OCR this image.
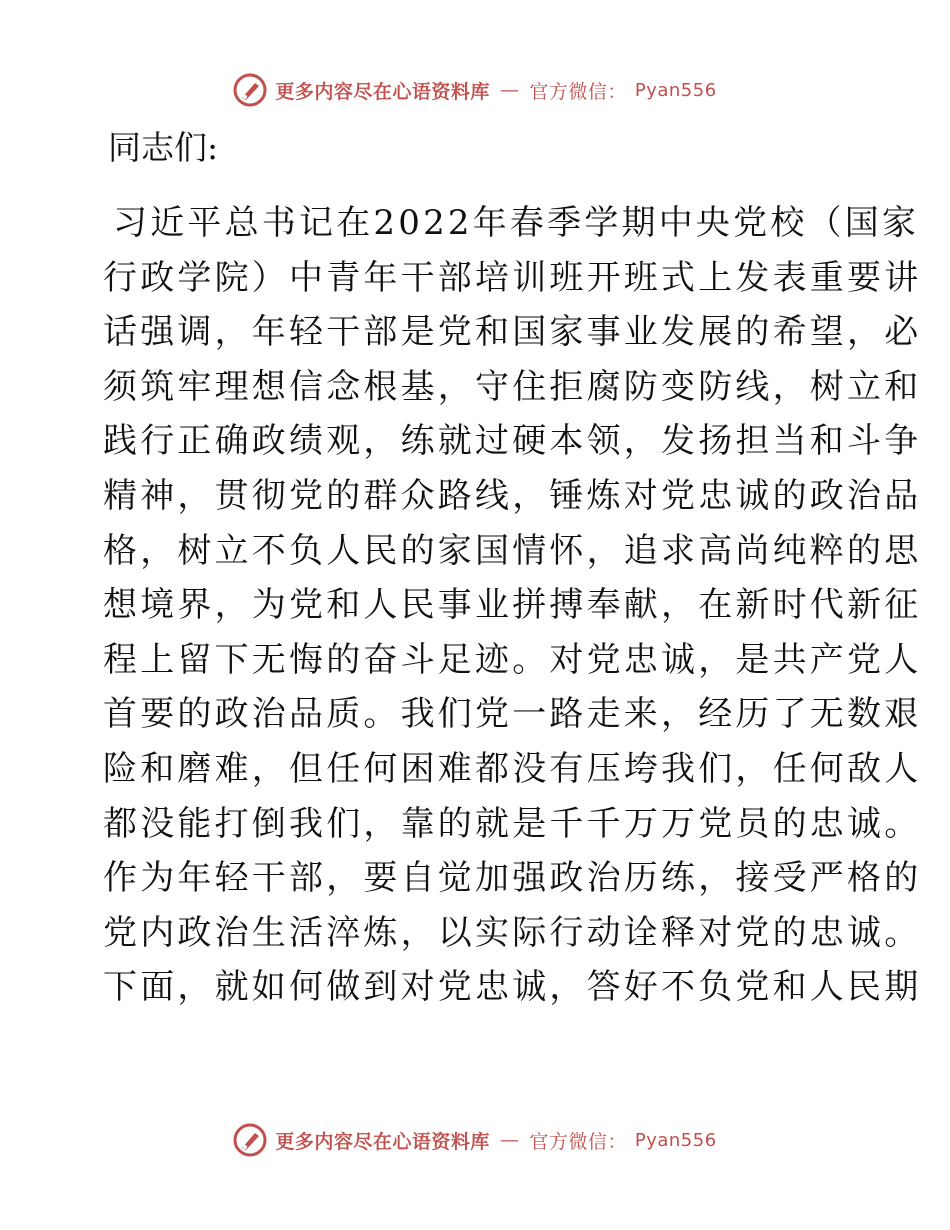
更多内容尽在心语资料库 — 官方微信： Pyan556
同志们:
习近平总书记在2022年春季学期中央党校（国家
行政学院）中青年干部培训班开班式上发表重要讲
话强调，年轻干部是党和国家事业发展的希望，必
须筑牢理想信念根基，守住拒腐防变防线，树立和
践行正确政绩观，练就过硬本领，发扬担当和斗争
精神，贯彻党的群众路线，锤炼对党忠诚的政治品
格，树立不负人民的家国情怀，追求高尚纯粹的思
想境界，为党和人民事业拼搏奉献，在新时代新征
程上留下无悔的奋斗足迹。对党忠诚，是共产党人
首要的政治品质。我们党一路走来，经历了无数艰
险和磨难，但任何困难都没有压垮我们，任何敌人
都没能打倒我们，靠的就是千千万万党员的忠诚。
作为年轻干部，要自觉加强政治历练，接受严格的
党内政治生活淬炼，以实际行动诠释对党的忠诚。
下面，就如何做到对党忠诚，答好不负党和人民期
更多内容尽在心语资料库 — 官方微信： Pyan556
